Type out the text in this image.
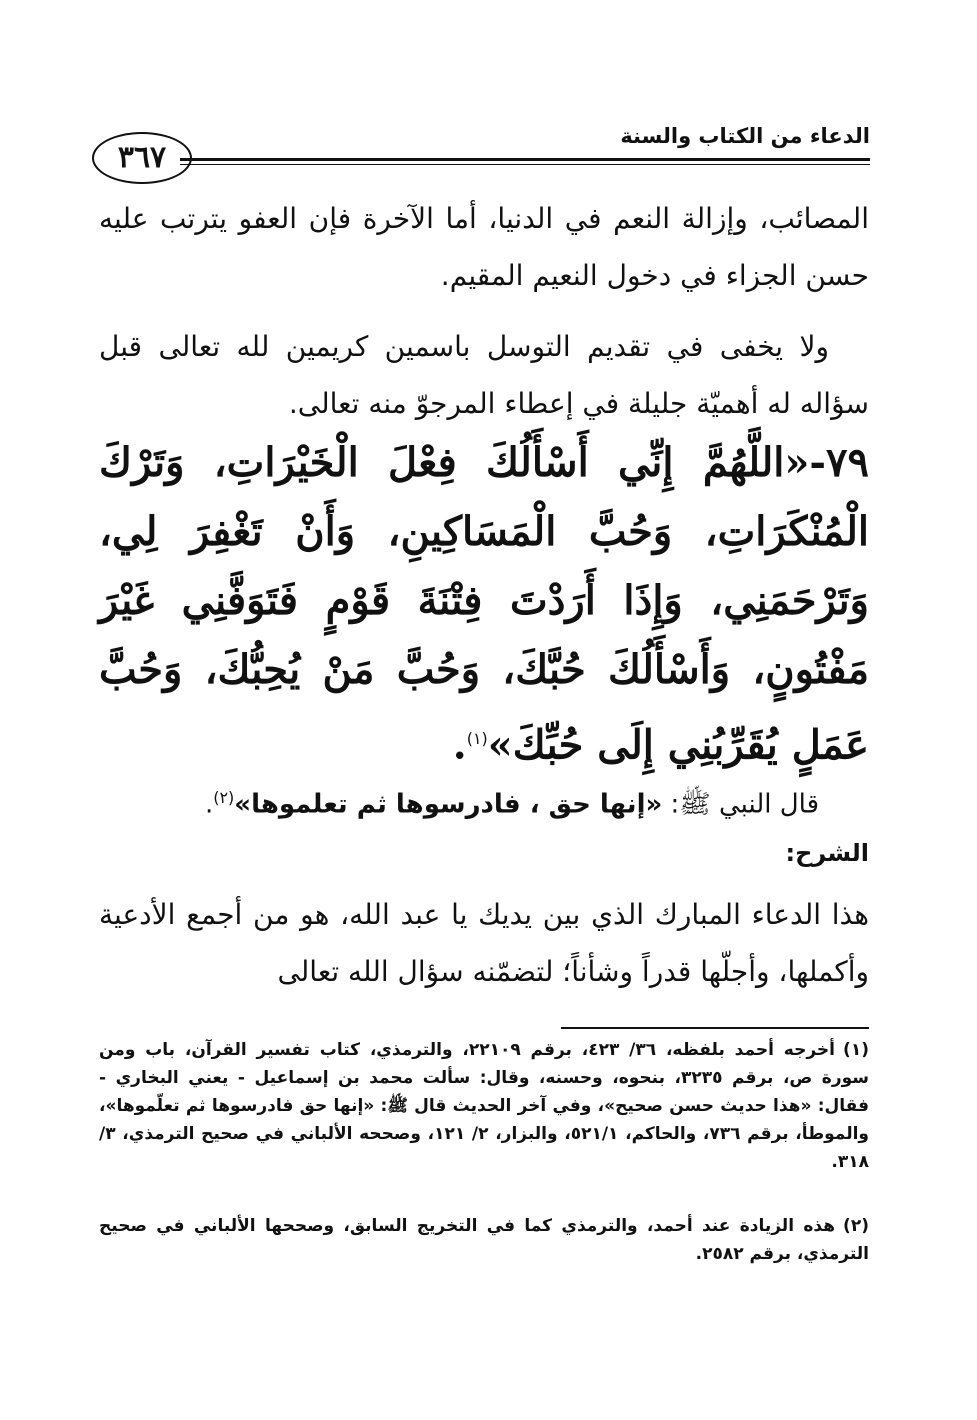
الدعاء من الكتاب والسنة
٣٦٧
المصائب، وإزالة النعم في الدنيا، أما الآخرة فإن العفو يترتب عليه حسن الجزاء في دخول النعيم المقيم.
ولا يخفى في تقديم التوسل باسمين كريمين لله تعالى قبل سؤاله له أهميّة جليلة في إعطاء المرجوّ منه تعالى.
٧٩-«اللَّهُمَّ إِنِّي أَسْأَلُكَ فِعْلَ الْخَيْرَاتِ، وَتَرْكَ الْمُنْكَرَاتِ، وَحُبَّ الْمَسَاكِينِ، وَأَنْ تَغْفِرَ لِي، وَتَرْحَمَنِي، وَإِذَا أَرَدْتَ فِتْنَةَ قَوْمٍ فَتَوَفَّنِي غَيْرَ مَفْتُونٍ، وَأَسْأَلُكَ حُبَّكَ، وَحُبَّ مَنْ يُحِبُّكَ، وَحُبَّ عَمَلٍ يُقَرِّبُنِي إِلَى حُبِّكَ»$^{(١)}$.
قال النبي ﷺ: «إنها حق ، فادرسوها ثم تعلموها»$^{(٢)}$.
الشرح:
هذا الدعاء المبارك الذي بين يديك يا عبد الله، هو من أجمع الأدعية وأكملها، وأجلّها قدراً وشأناً؛ لتضمّنه سؤال الله تعالى
(١)أخرجه أحمد بلفظه، ٣٦/ ٤٢٣، برقم ٢٢١٠٩، والترمذي، كتاب تفسير القرآن، باب ومن سورة ص، برقم ٣٢٣٥، بنحوه، وحسنه، وقال: سألت محمد بن إسماعيل - يعني البخاري - فقال: «هذا حديث حسن صحيح»، وفي آخر الحديث قال ﷺ: «إنها حق فادرسوها ثم تعلّموها»، والموطأ، برقم ٧٣٦، والحاكم، ٥٢١/١، والبزار، ٢/ ١٢١، وصححه الألباني في صحيح الترمذي، ٣/ ٣١٨.
(٢)هذه الزيادة عند أحمد، والترمذي كما في التخريج السابق، وصححها الألباني في صحيح الترمذي، برقم ٢٥٨٢.
